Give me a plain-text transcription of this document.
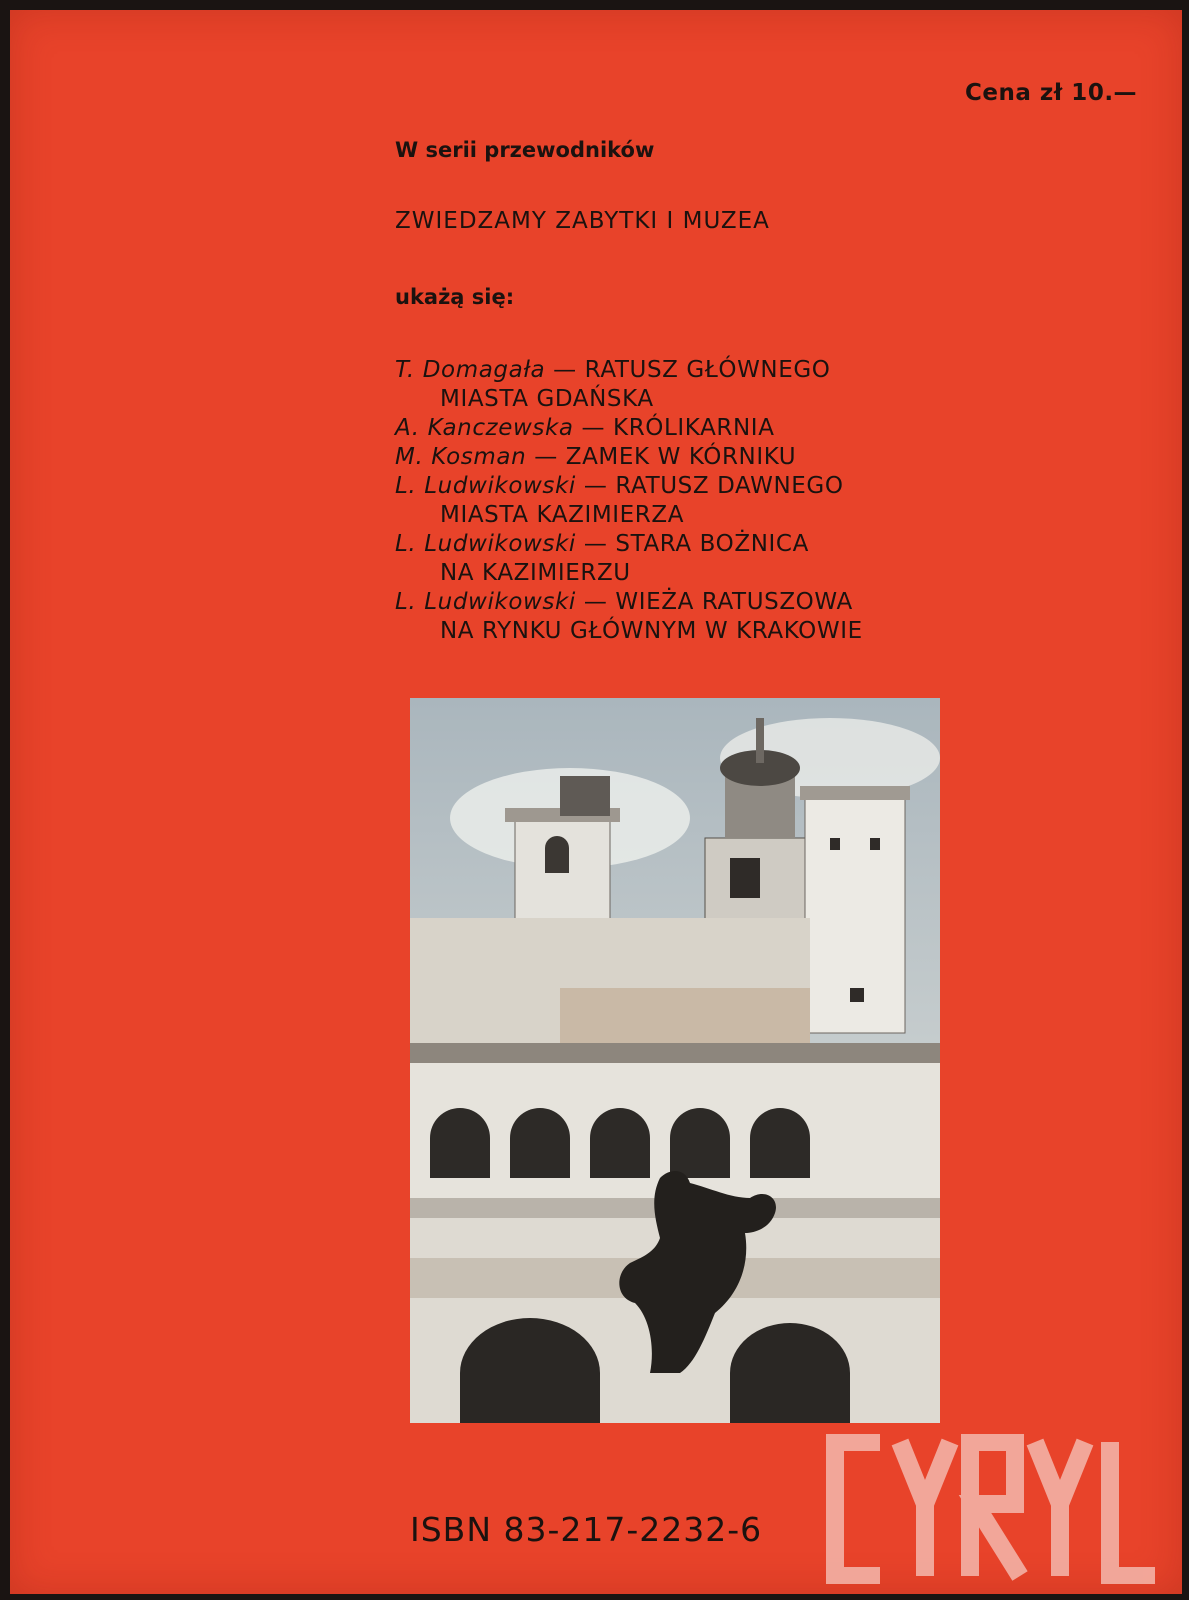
Cena zł 10.—
W serii przewodników
ZWIEDZAMY ZABYTKI I MUZEA
ukażą się:
T. Domagała — RATUSZ GŁÓWNEGO
MIASTA GDAŃSKA
A. Kanczewska — KRÓLIKARNIA
M. Kosman — ZAMEK W KÓRNIKU
L. Ludwikowski — RATUSZ DAWNEGO
MIASTA KAZIMIERZA
L. Ludwikowski — STARA BOŻNICA
NA KAZIMIERZU
L. Ludwikowski — WIEŻA RATUSZOWA
NA RYNKU GŁÓWNYM W KRAKOWIE
ISBN 83-217-2232-6
